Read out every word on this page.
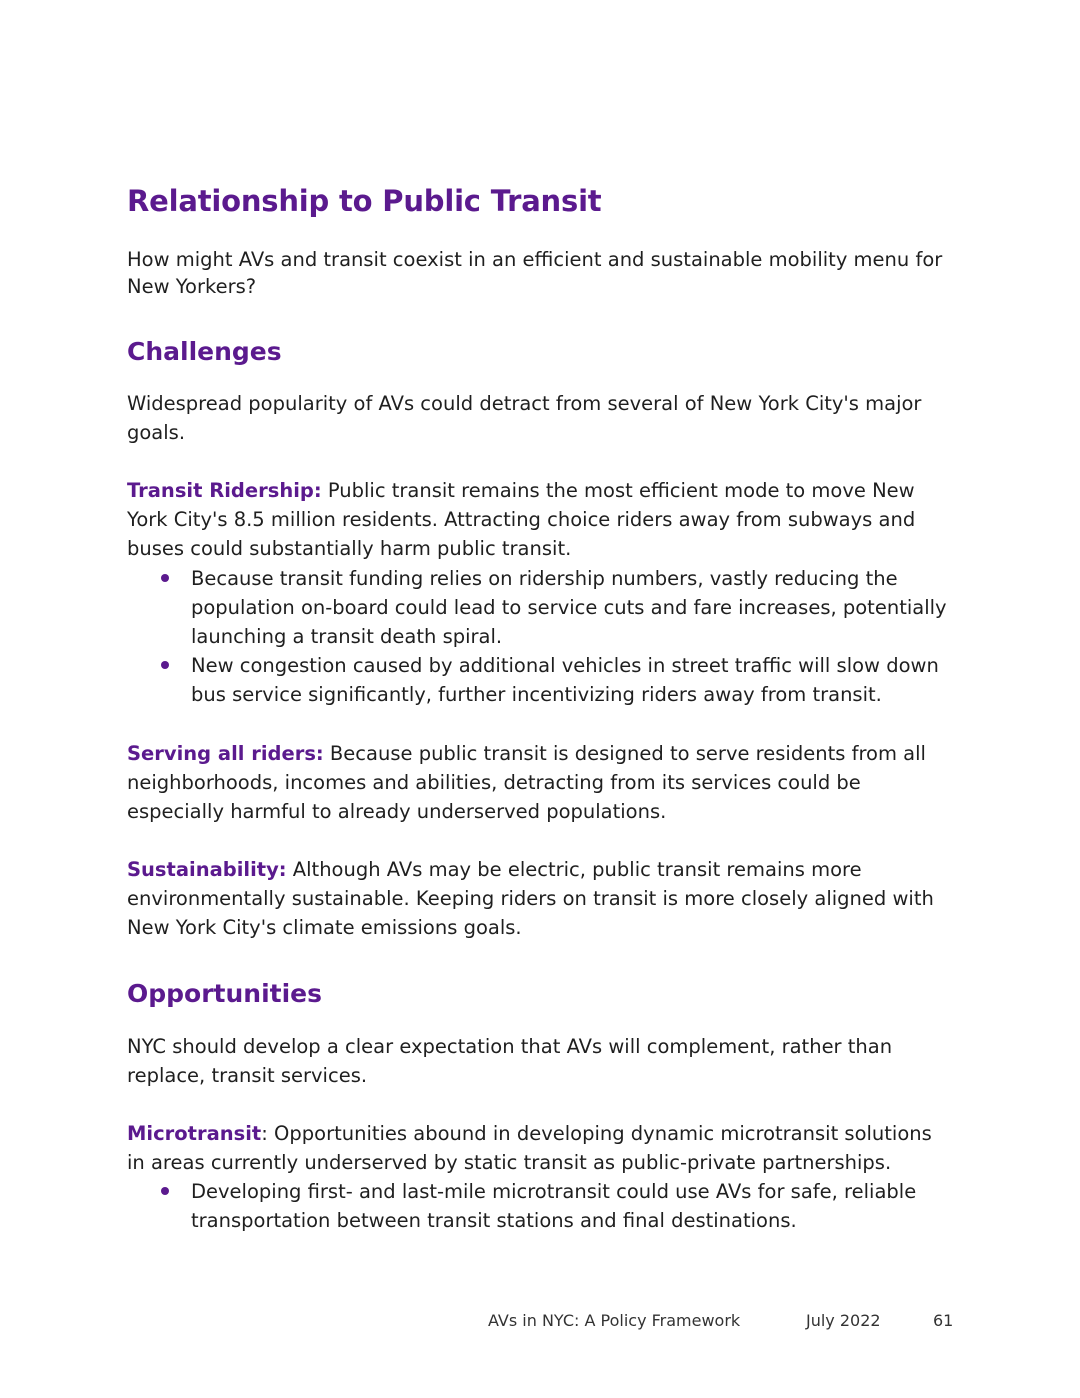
Relationship to Public Transit

How might AVs and transit coexist in an efficient and sustainable mobility menu for New Yorkers?

Challenges

Widespread popularity of AVs could detract from several of New York City's major goals.

Transit Ridership: Public transit remains the most efficient mode to move New York City's 8.5 million residents. Attracting choice riders away from subways and buses could substantially harm public transit.

Because transit funding relies on ridership numbers, vastly reducing the population on-board could lead to service cuts and fare increases, potentially launching a transit death spiral.
New congestion caused by additional vehicles in street traffic will slow down bus service significantly, further incentivizing riders away from transit.

Serving all riders: Because public transit is designed to serve residents from all neighborhoods, incomes and abilities, detracting from its services could be especially harmful to already underserved populations.

Sustainability: Although AVs may be electric, public transit remains more environmentally sustainable. Keeping riders on transit is more closely aligned with New York City's climate emissions goals.

Opportunities

NYC should develop a clear expectation that AVs will complement, rather than replace, transit services.

Microtransit: Opportunities abound in developing dynamic microtransit solutions in areas currently underserved by static transit as public-private partnerships.

Developing first- and last-mile microtransit could use AVs for safe, reliable transportation between transit stations and final destinations.
AVs in NYC: A Policy Framework	July 2022	61
